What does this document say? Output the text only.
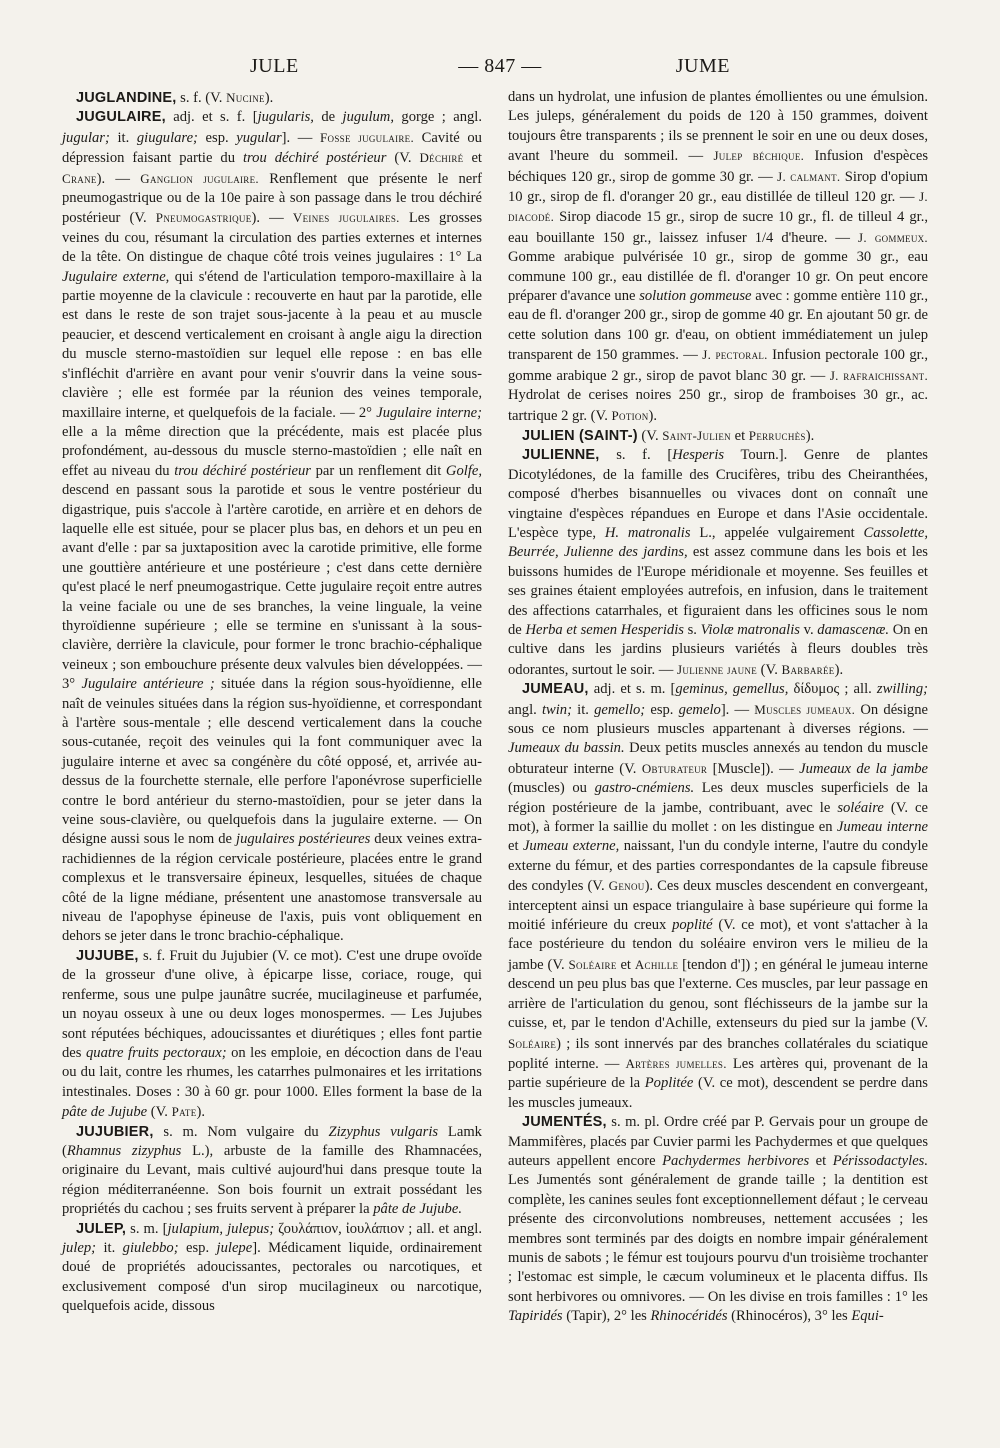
JULE	— 847 —	JUME

JUGLANDINE, s. f. (V. Nucine).

JUGULAIRE, adj. et s. f. [jugularis, de jugulum, gorge ; angl. jugular; it. giugulare; esp. yugular]. — Fosse jugulaire. Cavité ou dépression faisant partie du trou déchiré postérieur (V. Déchiré et Crane). — Ganglion jugulaire. Renflement que présente le nerf pneumogastrique ou de la 10e paire à son passage dans le trou déchiré postérieur (V. Pneumogastrique). — Veines jugulaires. Les grosses veines du cou, résumant la circulation des parties externes et internes de la tête. On distingue de chaque côté trois veines jugulaires : 1° La Jugulaire externe, qui s'étend de l'articulation temporo-maxillaire à la partie moyenne de la clavicule : recouverte en haut par la parotide, elle est dans le reste de son trajet sous-jacente à la peau et au muscle peaucier, et descend verticalement en croisant à angle aigu la direction du muscle sterno-mastoïdien sur lequel elle repose : en bas elle s'infléchit d'arrière en avant pour venir s'ouvrir dans la veine sous-clavière ; elle est formée par la réunion des veines temporale, maxillaire interne, et quelquefois de la faciale. — 2° Jugulaire interne; elle a la même direction que la précédente, mais est placée plus profondément, au-dessous du muscle sterno-mastoïdien ; elle naît en effet au niveau du trou déchiré postérieur par un renflement dit Golfe, descend en passant sous la parotide et sous le ventre postérieur du digastrique, puis s'accole à l'artère carotide, en arrière et en dehors de laquelle elle est située, pour se placer plus bas, en dehors et un peu en avant d'elle : par sa juxtaposition avec la carotide primitive, elle forme une gouttière antérieure et une postérieure ; c'est dans cette dernière qu'est placé le nerf pneumogastrique. Cette jugulaire reçoit entre autres la veine faciale ou une de ses branches, la veine linguale, la veine thyroïdienne supérieure ; elle se termine en s'unissant à la sous-clavière, derrière la clavicule, pour former le tronc brachio-céphalique veineux ; son embouchure présente deux valvules bien développées. — 3° Jugulaire antérieure ; située dans la région sous-hyoïdienne, elle naît de veinules situées dans la région sus-hyoïdienne, et correspondant à l'artère sous-mentale ; elle descend verticalement dans la couche sous-cutanée, reçoit des veinules qui la font communiquer avec la jugulaire interne et avec sa congénère du côté opposé, et, arrivée au-dessus de la fourchette sternale, elle perfore l'aponévrose superficielle contre le bord antérieur du sterno-mastoïdien, pour se jeter dans la veine sous-clavière, ou quelquefois dans la jugulaire externe. — On désigne aussi sous le nom de jugulaires postérieures deux veines extra-rachidiennes de la région cervicale postérieure, placées entre le grand complexus et le transversaire épineux, lesquelles, situées de chaque côté de la ligne médiane, présentent une anastomose transversale au niveau de l'apophyse épineuse de l'axis, puis vont obliquement en dehors se jeter dans le tronc brachio-céphalique.

JUJUBE, s. f. Fruit du Jujubier (V. ce mot). C'est une drupe ovoïde de la grosseur d'une olive, à épicarpe lisse, coriace, rouge, qui renferme, sous une pulpe jaunâtre sucrée, mucilagineuse et parfumée, un noyau osseux à une ou deux loges monospermes. — Les Jujubes sont réputées béchiques, adoucissantes et diurétiques ; elles font partie des quatre fruits pectoraux; on les emploie, en décoction dans de l'eau ou du lait, contre les rhumes, les catarrhes pulmonaires et les irritations intestinales. Doses : 30 à 60 gr. pour 1000. Elles forment la base de la pâte de Jujube (V. Pate).

JUJUBIER, s. m. Nom vulgaire du Zizyphus vulgaris Lamk (Rhamnus zizyphus L.), arbuste de la famille des Rhamnacées, originaire du Levant, mais cultivé aujourd'hui dans presque toute la région méditerranéenne. Son bois fournit un extrait possédant les propriétés du cachou ; ses fruits servent à préparer la pâte de Jujube.

JULEP, s. m. [julapium, julepus; ζουλάπιον, ἰουλάπιον ; all. et angl. julep; it. giulebbo; esp. julepe]. Médicament liquide, ordinairement doué de propriétés adoucissantes, pectorales ou narcotiques, et exclusivement composé d'un sirop mucilagineux ou narcotique, quelquefois acide, dissous

dans un hydrolat, une infusion de plantes émollientes ou une émulsion. Les juleps, généralement du poids de 120 à 150 grammes, doivent toujours être transparents ; ils se prennent le soir en une ou deux doses, avant l'heure du sommeil. — Julep béchique. Infusion d'espèces béchiques 120 gr., sirop de gomme 30 gr. — J. calmant. Sirop d'opium 10 gr., sirop de fl. d'oranger 20 gr., eau distillée de tilleul 120 gr. — J. diacodé. Sirop diacode 15 gr., sirop de sucre 10 gr., fl. de tilleul 4 gr., eau bouillante 150 gr., laissez infuser 1/4 d'heure. — J. gommeux. Gomme arabique pulvérisée 10 gr., sirop de gomme 30 gr., eau commune 100 gr., eau distillée de fl. d'oranger 10 gr. On peut encore préparer d'avance une solution gommeuse avec : gomme entière 110 gr., eau de fl. d'oranger 200 gr., sirop de gomme 40 gr. En ajoutant 50 gr. de cette solution dans 100 gr. d'eau, on obtient immédiatement un julep transparent de 150 grammes. — J. pectoral. Infusion pectorale 100 gr., gomme arabique 2 gr., sirop de pavot blanc 30 gr. — J. rafraichissant. Hydrolat de cerises noires 250 gr., sirop de framboises 30 gr., ac. tartrique 2 gr. (V. Potion).

JULIEN (SAINT-) (V. Saint-Julien et Perruchès).

JULIENNE, s. f. [Hesperis Tourn.]. Genre de plantes Dicotylédones, de la famille des Crucifères, tribu des Cheiranthées, composé d'herbes bisannuelles ou vivaces dont on connaît une vingtaine d'espèces répandues en Europe et dans l'Asie occidentale. L'espèce type, H. matronalis L., appelée vulgairement Cassolette, Beurrée, Julienne des jardins, est assez commune dans les bois et les buissons humides de l'Europe méridionale et moyenne. Ses feuilles et ses graines étaient employées autrefois, en infusion, dans le traitement des affections catarrhales, et figuraient dans les officines sous le nom de Herba et semen Hesperidis s. Violæ matronalis v. damascenæ. On en cultive dans les jardins plusieurs variétés à fleurs doubles très odorantes, surtout le soir. — Julienne jaune (V. Barbarée).

JUMEAU, adj. et s. m. [geminus, gemellus, δίδυμος ; all. zwilling; angl. twin; it. gemello; esp. gemelo]. — Muscles jumeaux. On désigne sous ce nom plusieurs muscles appartenant à diverses régions. — Jumeaux du bassin. Deux petits muscles annexés au tendon du muscle obturateur interne (V. Obturateur [Muscle]). — Jumeaux de la jambe (muscles) ou gastro-cnémiens. Les deux muscles superficiels de la région postérieure de la jambe, contribuant, avec le soléaire (V. ce mot), à former la saillie du mollet : on les distingue en Jumeau interne et Jumeau externe, naissant, l'un du condyle interne, l'autre du condyle externe du fémur, et des parties correspondantes de la capsule fibreuse des condyles (V. Genou). Ces deux muscles descendent en convergeant, interceptent ainsi un espace triangulaire à base supérieure qui forme la moitié inférieure du creux poplité (V. ce mot), et vont s'attacher à la face postérieure du tendon du soléaire environ vers le milieu de la jambe (V. Soléaire et Achille [tendon d']) ; en général le jumeau interne descend un peu plus bas que l'externe. Ces muscles, par leur passage en arrière de l'articulation du genou, sont fléchisseurs de la jambe sur la cuisse, et, par le tendon d'Achille, extenseurs du pied sur la jambe (V. Soléaire) ; ils sont innervés par des branches collatérales du sciatique poplité interne. — Artères jumelles. Les artères qui, provenant de la partie supérieure de la Poplitée (V. ce mot), descendent se perdre dans les muscles jumeaux.

JUMENTÉS, s. m. pl. Ordre créé par P. Gervais pour un groupe de Mammifères, placés par Cuvier parmi les Pachydermes et que quelques auteurs appellent encore Pachydermes herbivores et Périssodactyles. Les Jumentés sont généralement de grande taille ; la dentition est complète, les canines seules font exceptionnellement défaut ; le cerveau présente des circonvolutions nombreuses, nettement accusées ; les membres sont terminés par des doigts en nombre impair généralement munis de sabots ; le fémur est toujours pourvu d'un troisième trochanter ; l'estomac est simple, le cæcum volumineux et le placenta diffus. Ils sont herbivores ou omnivores. — On les divise en trois familles : 1° les Tapiridés (Tapir), 2° les Rhinocéridés (Rhinocéros), 3° les Equi-
